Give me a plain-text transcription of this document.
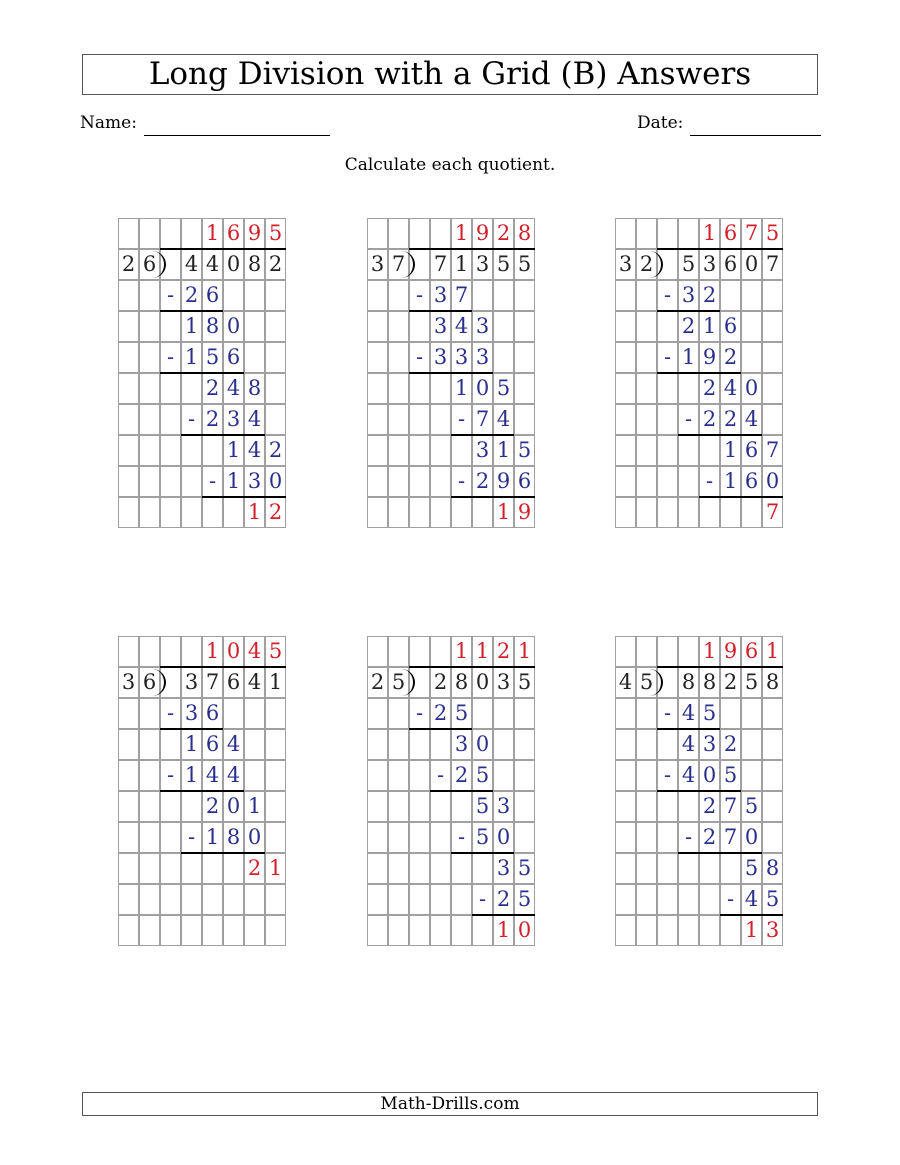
Long Division with a Grid (B) Answers
Name:	Date:
Calculate each quotient.
2 6 4 4 0 8 2
1 6 9 5
- 2 6
1 8 0
- 1 5 6
2 4 8
- 2 3 4
1 4 2
- 1 3 0
1 2
3 7 7 1 3 5 5
1 9 2 8
- 3 7
3 4 3
- 3 3 3
1 0 5
- 7 4
3 1 5
- 2 9 6
1 9
3 2 5 3 6 0 7
1 6 7 5
- 3 2
2 1 6
- 1 9 2
2 4 0
- 2 2 4
1 6 7
- 1 6 0
7
3 6 3 7 6 4 1
1 0 4 5
- 3 6
1 6 4
- 1 4 4
2 0 1
- 1 8 0
2 1
2 5 2 8 0 3 5
1 1 2 1
- 2 5
3 0
- 2 5
5 3
- 5 0
3 5
- 2 5
1 0
4 5 8 8 2 5 8
1 9 6 1
- 4 5
4 3 2
- 4 0 5
2 7 5
- 2 7 0
5 8
- 4 5
1 3
Math-Drills.com
